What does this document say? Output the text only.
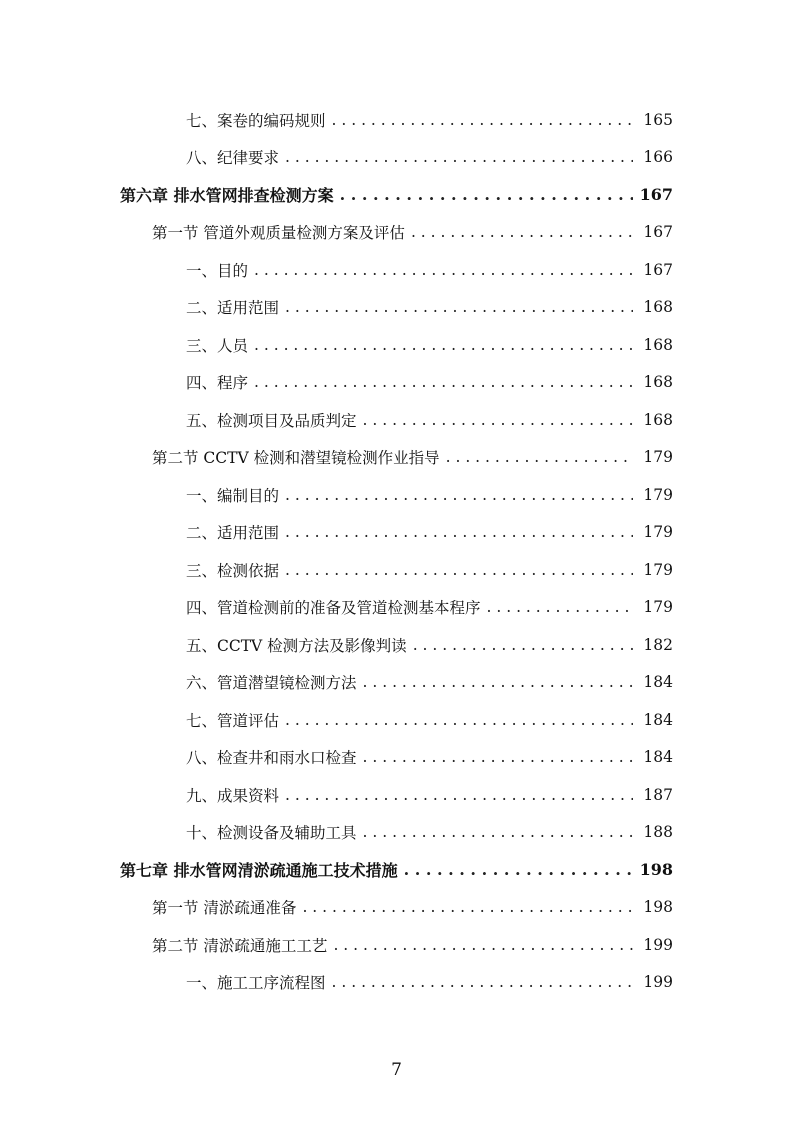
七、案卷的编码规则 . . .	165
八、纪律要求 . . .	166
第六章 排水管网排查检测方案 . . .	167
第一节 管道外观质量检测方案及评估 . . .	167
一、目的 . . .	167
二、适用范围 . . .	168
三、人员 . . .	168
四、程序 . . .	168
五、检测项目及品质判定 . . .	168
第二节 CCTV 检测和潜望镜检测作业指导 . . .	179
一、编制目的 . . .	179
二、适用范围 . . .	179
三、检测依据 . . .	179
四、管道检测前的准备及管道检测基本程序 . . .	179
五、CCTV 检测方法及影像判读 . . .	182
六、管道潜望镜检测方法 . . .	184
七、管道评估 . . .	184
八、检查井和雨水口检查 . . .	184
九、成果资料 . . .	187
十、检测设备及辅助工具 . . .	188
第七章 排水管网清淤疏通施工技术措施 . . .	198
第一节 清淤疏通准备 . . .	198
第二节 清淤疏通施工工艺 . . .	199
一、施工工序流程图 . . .	199
7
